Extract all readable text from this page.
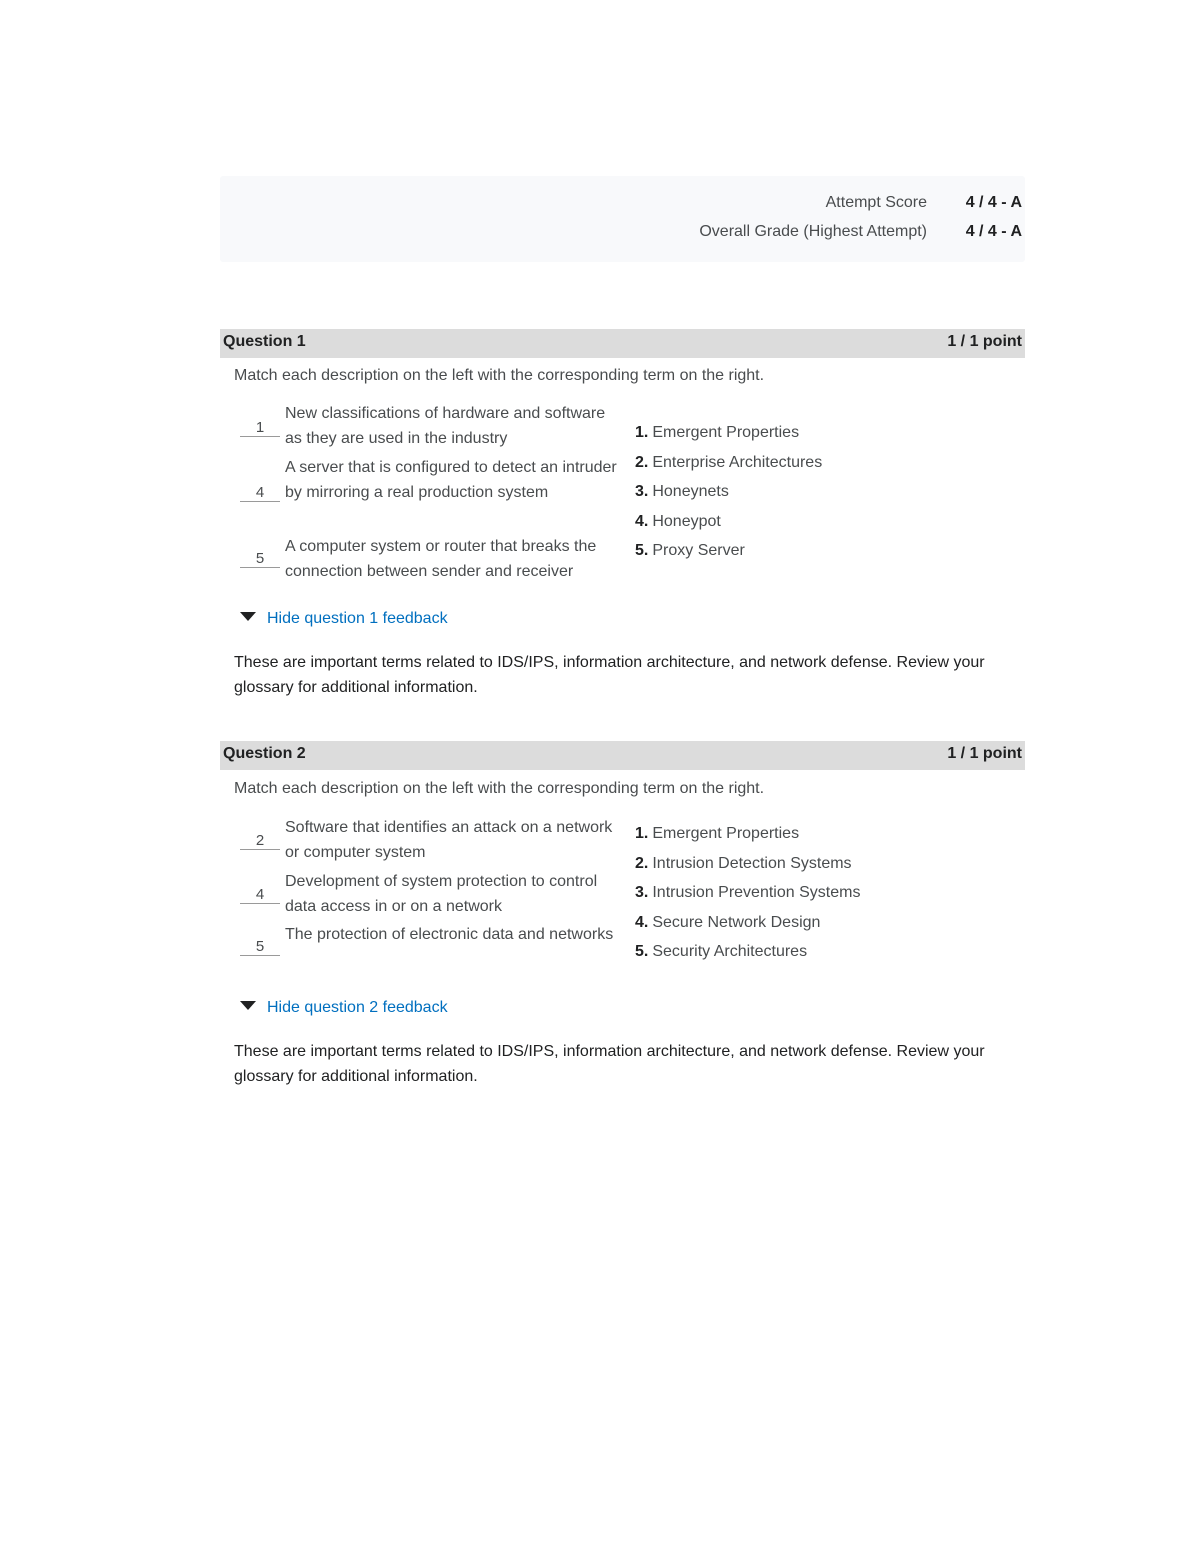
Attempt Score 4 / 4 - A
Overall Grade (Highest Attempt) 4 / 4 - A
Question 1	1 / 1 point
Match each description on the left with the corresponding term on the right.
1
New classifications of hardware and software as they are used in the industry
4
A server that is configured to detect an intruder by mirroring a real production system
5
A computer system or router that breaks the connection between sender and receiver
1. Emergent Properties
2. Enterprise Architectures
3. Honeynets
4. Honeypot
5. Proxy Server
Hide question 1 feedback
These are important terms related to IDS/IPS, information architecture, and network defense. Review your glossary for additional information.
Question 2	1 / 1 point
Match each description on the left with the corresponding term on the right.
2
Software that identifies an attack on a network or computer system
4
Development of system protection to control data access in or on a network
5
The protection of electronic data and networks
1. Emergent Properties
2. Intrusion Detection Systems
3. Intrusion Prevention Systems
4. Secure Network Design
5. Security Architectures
Hide question 2 feedback
These are important terms related to IDS/IPS, information architecture, and network defense. Review your glossary for additional information.
